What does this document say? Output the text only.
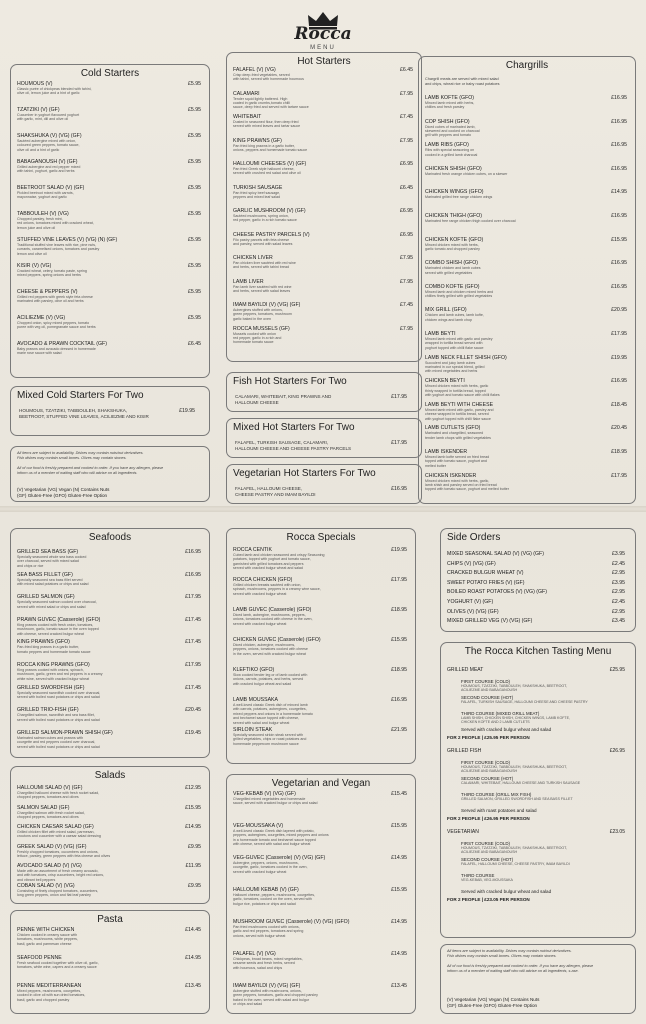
Rocca
MENU
Cold Starters
HOUMOUS (V)	£5.95
Classic purée of chickpeas blended with tahini,
olive oil, lemon juice and a hint of garlic
TZATZIKI (V) (GF)	£5.95
Cucumber in yoghurt flavoured yoghurt
with garlic, mint, dill and olive oil
SHAKSHUKA (V) (VG) (GF)	£5.95
Sautéed aubergine mixed with onion,
coloured green peppers, tomato sauce,
olive oil and a hint of garlic
BABAGANOUSH (V) (GF)	£5.95
Grilled aubergine and red pepper mixed
with tahini, yoghurt, garlic and herbs
BEETROOT SALAD (V) (GF)	£5.95
Pickled beetroot mixed with carrots,
mayonnaise, yoghurt and garlic
TABBOULEH (V) (VG)	£5.95
Chopped parsley, fresh mint,
red onions, tomatoes mixed with cracked wheat,
lemon juice and olive oil
STUFFED VINE LEAVES (V) (VG) (N) (GF)	£5.95
Traditional stuffed vine leaves with rice, pine nuts,
currants, caramelised onions, tomatoes and parsley
lemon and olive oil
KISIR (V) (VG)	£5.95
Cracked wheat, celery, tomato paste, spring
mixed peppers, spring onions and herbs
CHEESE & PEPPERS (V)	£5.95
Grilled red peppers with greek style feta cheese
marinated with parsley, olive oil and herbs
ACILIEZME (V) (VG)	£5.95
Chopped onion, spicy mixed peppers, tomato
puree with veg oil, pomegranate sauce and herbs
AVOCADO & PRAWN COCKTAIL (GF)	£6.45
Baby prawns and avocado dressed in homemade
marie rose sauce with salad
Mixed Cold Starters For Two
HOUMOUS, TZATZIKI, TABBOULEH, SHAKSHUKA,
BEETROOT, STUFFED VINE LEAVES, ACILIEZME AND KISIR
£19.95
All items are subject to availability. Dishes may contain nuts/nut derivatives.
Fish dishes may contain small bones. Olives may contain stones.

All of our food is freshly prepared and cooked to order. If you have any allergen, please
inform us of a member of waiting staff who will advise on all ingredients.
(V) Vegetarian (VG) Vegan (N) Contains Nuts
(GF) Gluten-Free (GFO) Gluten-Free Option
Hot Starters
FALAFEL (V) (VG)	£6.45
Crisp deep-fried vegetables, served
with tahini, served with homemade houmous
CALAMARI	£7.95
Tender squid lightly battered. High
coated in garlic crumbs,tomato chilli
sauce, deep fried and served with tartare sauce
WHITEBAIT	£7.45
Dusted in seasoned flour, then deep fried
served with mixed leaves and tartar sauce
KING PRAWNS (GF)	£7.95
Pan fried king prawns in a garlic butter,
onions, peppers and homemade tomato sauce
HALLOUMI CHEESES (V) (GF)	£6.95
Pan fried Greek style halloumi cheese,
served with crushed red salad and olive oil
TURKISH SAUSAGE	£6.45
Pan fried spicy beef sausage,
peppers and mixed leaf salad
GARLIC MUSHROOM (V) (GF)	£6.95
Sautéed mushrooms, spring onion,
red pepper, garlic in a rich tomato sauce
CHEESE PASTRY PARCELS (V)	£6.95
Filo pastry parcels with feta cheese
and parsley, served with salad leaves
CHICKEN LIVER	£7.95
Pan chicken liver sautéed with red wine
and herbs, served with tahini bread
LAMB LIVER	£7.95
Pan lamb liver sautéed with red wine
and herbs, served with salad leaves
IMAM BAYILDI (V) (VG) (GF)	£7.45
Aubergines stuffed with onions,
green peppers, tomatoes, mushroom
garlic baked in the oven
ROCCA MUSSELS (GF)	£7.95
Mussels cooked with onion
red pepper, garlic in a rich and
homemade tomato sauce
Fish Hot Starters For Two
CALAMARI, WHITEBAIT, KING PRAWNS AND
HALLOUMI CHEESE
£17.95
Mixed Hot Starters For Two
FALAFEL, TURKISH SAUSAGE, CALAMARI,
HALLOUMI CHEESE AND CHEESE PASTRY PARCELS
£17.95
Vegetarian Hot Starters For Two
FALAFEL, HALLOUMI CHEESE,
CHEESE PASTRY AND IMAM BAYILDI
£16.95
Chargrills
Chargrill meats are served with mixed salad
and chips, wheat rice or baby roast potatoes
LAMB KOFTE (GFO)	£16.95
Minced lamb mixed with herbs,
chillies and fresh parsley
COP SHISH (GFO)	£16.95
Diced cubes of marinated lamb,
skewered and cooked on charcoal
grill with peppers and tomato
LAMB RIBS (GFO)	£16.95
Ribs with special seasoning on
cooked in a grilled lamb charcoal
CHICKEN SHISH (GFO)	£16.95
Marinated fresh orange chicken cubes, on a skewer
CHICKEN WINGS (GFO)	£14.95
Marinated grilled free range chicken wings
CHICKEN THIGH (GFO)	£16.95
Marinated free range chicken thigh cooked over charcoal
CHICKEN KOFTE (GFO)	£15.95
Minced chicken mixed with herbs,
garlic tomato and chopped parsley
COMBO SHISH (GFO)	£16.95
Marinated chicken and lamb cubes
served with grilled vegetables
COMBO KOFTE (GFO)	£16.95
Minced lamb and chicken mixed herbs and
chillies finely grilled with grilled vegetables
MIX GRILL (GFO)	£20.95
Chicken and lamb cubes, lamb kofte,
chicken wings and lamb chop
LAMB BEYTI	£17.95
Minced lamb mixed with garlic and parsley
wrapped in tortilla bread served with
yoghurt topped with chilli flake sauce
LAMB NECK FILLET SHISH (GFO)	£19.95
Succulent and juicy lamb cubes
marinated in our special blend, grilled
with mixed vegetables and herbs
CHICKEN BEYTI	£16.95
Minced chicken mixed with herbs, garlic
thinly wrapped in tortilla bread, topped
with yoghurt and tomato sauce with chilli flakes
LAMB BEYTI WITH CHEESE	£18.45
Minced lamb mixed with garlic, parsley and
cheese wrapped in tortilla bread, served
with yoghurt topped with chilli flake sauce
LAMB CUTLETS (GFO)	£20.45
Marinated and chargrilled, seasoned
tender lamb chops with grilled vegetables
LAMB ISKENDER	£18.95
Minced lamb kofte served on fried bread
topped with tomato sauce, yoghurt and
melted butter
CHICKEN ISKENDER	£17.95
Minced chicken mixed with herbs, garlic,
lamb shish and parsley served on fried bread
topped with tomato sauce, yoghurt and melted butter
Seafoods
GRILLED SEA BASS (GF)	£16.95
Specially seasoned whole sea bass cooked
over charcoal, served with mixed salad
and chips or rice
SEA BASS FILLET (GF)	£16.95
Specially seasoned sea bass fillet served
with mixed salad potatoes or chips and salad
GRILLED SALMON (GF)	£17.95
Specially seasoned salmon cooked over charcoal,
served with mixed salad or chips and salad
PRAWN GUVEC (Casserole) (GFO)	£17.45
King prawns cooked with fresh onion, tomatoes,
mushroom, garlic, tomato sauce in the oven topped
with cheese, served cracked bulgur wheat
KING PRAWNS (GFO)	£17.45
Pan-fried king prawns in a garlic butter,
tomato peppers and homemade tomato sauce
ROCCA KING PRAWNS (GFO)	£17.95
King prawns cooked with onions, spinach,
mushroom, garlic, green and red peppers in a creamy
white wine, served with cracked bulgur wheat
GRILLED SWORDFISH (GF)	£17.45
Specially seasoned swordfish cooked over charcoal,
served with boiled roast potatoes or chips and salad
GRILLED TRIO-FISH (GF)	£20.45
Chargrilled salmon, swordfish and sea bass fillet,
served with boiled roast potatoes or chips and salad
GRILLED SALMON-PRAWN SHISH (GF)	£19.45
Marinated salmon cubes and prawns with
courgette and red peppers cooked over charcoal,
served with boiled roast potatoes or chips and salad
Salads
HALLOUMI SALAD (V) (GF)	£12.95
Chargrilled halloumi cheese with fresh rocket salad,
chopped peppers, tomatoes and olives
SALMON SALAD (GF)	£15.95
Chargrilled salmon with fresh rocket salad,
chopped peppers, tomatoes and olives
CHICKEN CAESAR SALAD (GF)	£14.95
Grilled chicken fillet with mixed salad, parmesan,
croutons and cucumber with a caesar salad dressing
GREEK SALAD (V) (VG) (GF)	£9.95
Freshly chopped tomatoes, cucumbers and onions,
lettuce, parsley, green peppers with feta cheese and olives
AVOCADO SALAD (V) (VG)	£11.95
Made with an assortment of fresh creamy avocado,
and with tomatoes, crisp cucumbers, bright red onions,
and vibrant bell peppers
COBAN SALAD (V) (VG)	£9.95
Consisting of finely chopped tomatoes, cucumbers,
long green peppers, onion and flat leaf parsley
Pasta
PENNE WITH CHICKEN	£14.45
Chicken cooked in creamy sauce with
tomatoes, mushrooms, white peppers,
basil, garlic and parmesan cheese
SEAFOOD PENNE	£14.95
Fresh seafood cooked together with olive oil, garlic,
tomatoes, white wine, capers and a creamy sauce
PENNE MEDITERRANEAN	£13.45
Mixed peppers, mushrooms, courgettes,
cooked in olive oil with sun dried tomatoes,
basil, garlic and chopped parsley
Rocca Specials
ROCCA CENTIK	£19.95
Cubed lamb and chicken seasoned and crispy Seasoning
potatoes, topped with yoghurt and tomato sauce,
garnished with grilled tomatoes and peppers
served with cracked bulgur wheat and salad
ROCCA CHICKEN (GFO)	£17.95
Grilled chicken breasts sautéed with onion,
spinach, mushrooms, peppers in a creamy wine sauce,
served with cracked bulgur wheat
LAMB GUVEC (Casserole) (GFO)	£18.95
Diced lamb, aubergine, mushrooms, peppers,
onions, tomatoes cooked with cheese in the oven,
served with cracked bulgur wheat
CHICKEN GUVEC (Casserole) (GFO)	£15.95
Diced chicken, aubergine, mushrooms,
peppers, onions, tomatoes cooked with cheese
in the oven, served with cracked bulgur wheat
KLEFTIKO (GFO)	£18.95
Slow cooked tender leg or of lamb cooked with
onions, carrots, potatoes, and herbs, served
with cracked bulgur wheat and salad
LAMB MOUSSAKA	£16.95
A well-loved classic Greek dish of minced lamb
with carrots, potatoes, aubergines, courgettes,
mixed peppers and onions in a homemade tomato
and bechamel sauce topped with cheese,
served with salad and bulgur wheat
SIRLOIN STEAK	£21.95
Specially seasoned sirloin steak served with
grilled vegetables, chips or roast potatoes and
homemade peppercorn mushroom sauce
Vegetarian and Vegan
VEG-KEBAB (V) (VG) (GF)	£15.45
Chargrilled mixed vegetables and homemade
sauce, served with cracked bulgur or chips and salad
VEG-MOUSSAKA (V)	£15.95
A well-loved classic Greek dish layered with potato,
peppers, aubergines, courgettes, mixed peppers and onions
in a homemade tomato and bechamel sauce topped
with cheese, served with salad and bulgur wheat
VEG-GUVEC (Casserole) (V) (VG) (GF)	£14.95
Aubergine, peppers, onions, mushrooms,
courgette, garlic, tomatoes cooked in the oven,
served with cracked bulgur wheat
HALLOUMI KEBAB (V) (GF)	£15.95
Halloumi cheese, peppers, mushrooms, courgettes,
garlic, tomatoes, cooked on the oven, served with
bulgur rice, potatoes or chips and salad
MUSHROOM GUVEC (Casserole) (V) (VG) (GFO)	£14.95
Pan fried mushrooms cooked with onions,
garlic and red peppers, tomatoes and spring
onions, served with bulgur wheat
FALAFEL (V) (VG)	£14.95
Chickpeas, broad beans, mixed vegetables,
sesame seeds and fresh herbs, served
with houmous, salad and chips
IMAM BAYILDI (V) (VG) (GF)	£13.45
Aubergine stuffed with mushrooms, onions,
green peppers, tomatoes, garlic and chopped parsley
baked in the oven, served with salad and bulgur
or chips and salad
Side Orders
MIXED SEASONAL SALAD (V) (VG) (GF)	£3.95
CHIPS (V) (VG) (GF)	£2.45
CRACKED BULGUR WHEAT (V)	£2.95
SWEET POTATO FRIES (V) (GF)	£3.95
BOILED ROAST POTATOES (V) (VG) (GF)	£2.95
YOGHURT (V) (GF)	£2.45
OLIVES (V) (VG) (GF)	£2.95
MIXED GRILLED VEG (V) (VG) (GF)	£3.45
The Rocca Kitchen Tasting Menu
GRILLED MEAT	£25.95
FIRST COURSE (COLD)
HOUMOUS, TZATZIKI, TABBOULEH, SHAKSHUKA, BEETROOT,
ACILIEZME AND BABAGANOUSH
SECOND COURSE (HOT)
FALAFEL, TURKISH SAUSAGE, HALLOUMI CHEESE AND CHEESE PASTRY
THIRD COURSE (MIXED GRILL MEAT)
LAMB SHISH, CHICKEN SHISH, CHICKEN WINGS, LAMB KOFTE,
CHICKEN KOFTE AND 2 LAMB CUTLETS
Served with cracked bulgur wheat and salad
FOR 2 PEOPLE | £25.95 PER PERSON
GRILLED FISH	£26.95
FIRST COURSE (COLD)
HOUMOUS, TZATZIKI, TABBOULEH, SHAKSHUKA, BEETROOT,
ACILIEZME AND BABAGANOUSH
SECOND COURSE (HOT)
CALAMARI, WHITEBAIT, HALLOUMI CHEESE AND TURKISH SAUSAGE
THIRD COURSE (GRILL MIX FISH)
GRILLED SALMON, GRILLED SWORDFISH AND SEA BASS FILLET
Served with roast potatoes and salad
FOR 2 PEOPLE | £26.95 PER PERSON
VEGETARIAN	£23.05
FIRST COURSE (COLD)
HOUMOUS, TZATZIKI, TABBOULEH, SHAKSHUKA, BEETROOT,
ACILIEZME AND BABAGANOUSH
SECOND COURSE (HOT)
FALAFEL, HALLOUMI CHEESE, CHEESE PASTRY, IMAM BAYILDI
THIRD COURSE
VEG-KEBAB, VEG-MOUSSAKA
Served with cracked bulgur wheat and salad
FOR 2 PEOPLE | £23.05 PER PERSON
All items are subject to availability. Dishes may contain nut/nut derivatives.
Fish dishes may contain small bones. Olives may contain stones.

All of our food is freshly prepared and cooked to order. If you have any allergen, please
inform us of a member of waiting staff who will advise on all ingredients, s.ase.
(V) Vegetarian (VG) Vegan (N) Contains Nuts
(GF) Gluten-Free (GFO) Gluten-Free Option
